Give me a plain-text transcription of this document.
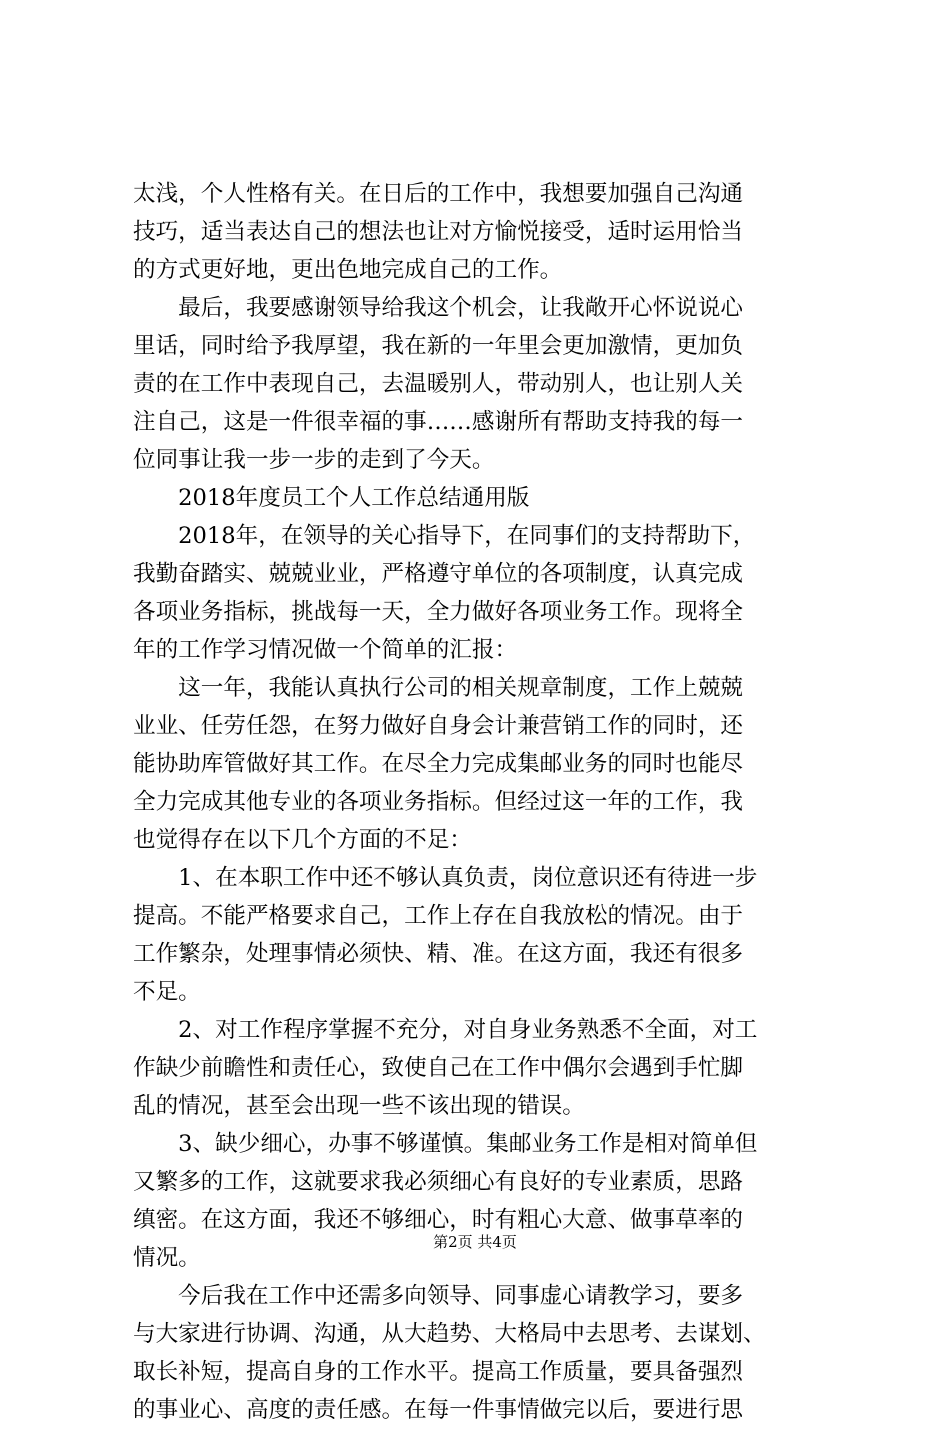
太浅，个人性格有关。在日后的工作中，我想要加强自己沟通
技巧，适当表达自己的想法也让对方愉悦接受，适时运用恰当
的方式更好地，更出色地完成自己的工作。
　　最后，我要感谢领导给我这个机会，让我敞开心怀说说心
里话，同时给予我厚望，我在新的一年里会更加激情，更加负
责的在工作中表现自己，去温暖别人，带动别人，也让别人关
注自己，这是一件很幸福的事……感谢所有帮助支持我的每一
位同事让我一步一步的走到了今天。
　　2018年度员工个人工作总结通用版
　　2018年，在领导的关心指导下，在同事们的支持帮助下，
我勤奋踏实、兢兢业业，严格遵守单位的各项制度，认真完成
各项业务指标，挑战每一天，全力做好各项业务工作。现将全
年的工作学习情况做一个简单的汇报：
　　这一年，我能认真执行公司的相关规章制度，工作上兢兢
业业、任劳任怨，在努力做好自身会计兼营销工作的同时，还
能协助库管做好其工作。在尽全力完成集邮业务的同时也能尽
全力完成其他专业的各项业务指标。但经过这一年的工作，我
也觉得存在以下几个方面的不足：
　　1、在本职工作中还不够认真负责，岗位意识还有待进一步
提高。不能严格要求自己，工作上存在自我放松的情况。由于
工作繁杂，处理事情必须快、精、准。在这方面，我还有很多
不足。
　　2、对工作程序掌握不充分，对自身业务熟悉不全面，对工
作缺少前瞻性和责任心，致使自己在工作中偶尔会遇到手忙脚
乱的情况，甚至会出现一些不该出现的错误。
　　3、缺少细心，办事不够谨慎。集邮业务工作是相对简单但
又繁多的工作，这就要求我必须细心有良好的专业素质，思路
缜密。在这方面，我还不够细心，时有粗心大意、做事草率的
情况。
　　今后我在工作中还需多向领导、同事虚心请教学习，要多
与大家进行协调、沟通，从大趋势、大格局中去思考、去谋划、
取长补短，提高自身的工作水平。提高工作质量，要具备强烈
的事业心、高度的责任感。在每一件事情做完以后，要进行思
第2页 共4页
